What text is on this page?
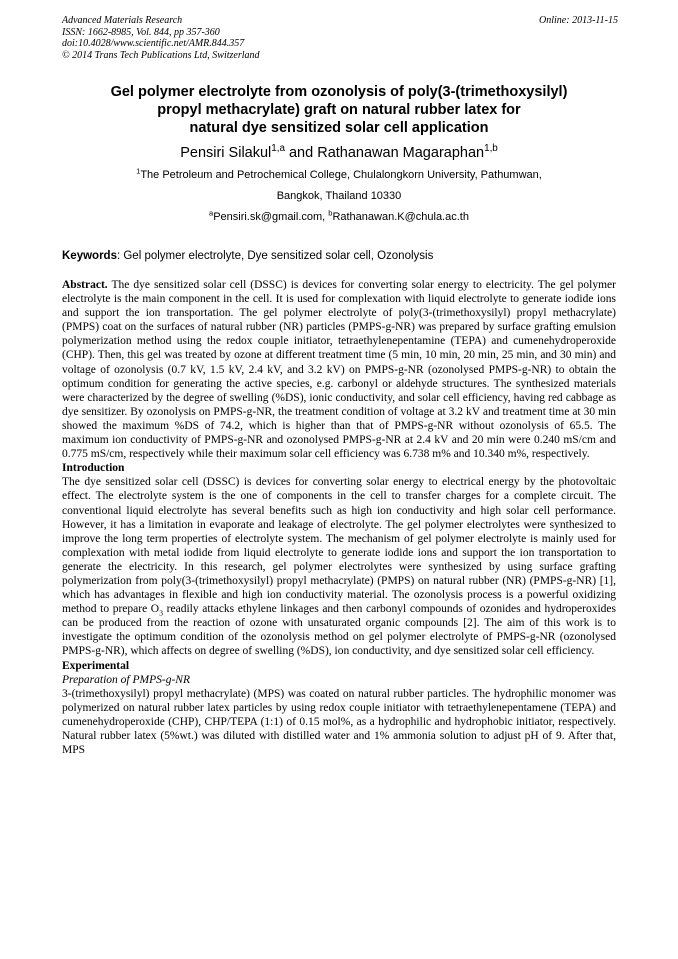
Advanced Materials Research
ISSN: 1662-8985, Vol. 844, pp 357-360
doi:10.4028/www.scientific.net/AMR.844.357
© 2014 Trans Tech Publications Ltd, Switzerland
Online: 2013-11-15
Gel polymer electrolyte from ozonolysis of poly(3-(trimethoxysilyl)
propyl methacrylate) graft on natural rubber latex for
natural dye sensitized solar cell application
Pensiri Silakul$^{1,a}$ and Rathanawan Magaraphan$^{1,b}$
$^1$The Petroleum and Petrochemical College, Chulalongkorn University, Pathumwan,
Bangkok, Thailand 10330
$^a$Pensiri.sk@gmail.com, $^b$Rathanawan.K@chula.ac.th
Keywords: Gel polymer electrolyte, Dye sensitized solar cell, Ozonolysis

Abstract. The dye sensitized solar cell (DSSC) is devices for converting solar energy to electricity. The gel polymer electrolyte is the main component in the cell. It is used for complexation with liquid electrolyte to generate iodide ions and support the ion transportation. The gel polymer electrolyte of poly(3-(trimethoxysilyl) propyl methacrylate) (PMPS) coat on the surfaces of natural rubber (NR) particles (PMPS-g-NR) was prepared by surface grafting emulsion polymerization method using the redox couple initiator, tetraethylenepentamine (TEPA) and cumenehydroperoxide (CHP). Then, this gel was treated by ozone at different treatment time (5 min, 10 min, 20 min, 25 min, and 30 min) and voltage of ozonolysis (0.7 kV, 1.5 kV, 2.4 kV, and 3.2 kV) on PMPS-g-NR (ozonolysed PMPS-g-NR) to obtain the optimum condition for generating the active species, e.g. carbonyl or aldehyde structures. The synthesized materials were characterized by the degree of swelling (%DS), ionic conductivity, and solar cell efficiency, having red cabbage as dye sensitizer. By ozonolysis on PMPS-g-NR, the treatment condition of voltage at 3.2 kV and treatment time at 30 min showed the maximum %DS of 74.2, which is higher than that of PMPS-g-NR without ozonolysis of 65.5. The maximum ion conductivity of PMPS-g-NR and ozonolysed PMPS-g-NR at 2.4 kV and 20 min were 0.240 mS/cm and 0.775 mS/cm, respectively while their maximum solar cell efficiency was 6.738 m% and 10.340 m%, respectively.

Introduction

The dye sensitized solar cell (DSSC) is devices for converting solar energy to electrical energy by the photovoltaic effect. The electrolyte system is the one of components in the cell to transfer charges for a complete circuit. The conventional liquid electrolyte has several benefits such as high ion conductivity and high solar cell performance. However, it has a limitation in evaporate and leakage of electrolyte. The gel polymer electrolytes were synthesized to improve the long term properties of electrolyte system. The mechanism of gel polymer electrolyte is mainly used for complexation with metal iodide from liquid electrolyte to generate iodide ions and support the ion transportation to generate the electricity. In this research, gel polymer electrolytes were synthesized by using surface grafting polymerization from poly(3-(trimethoxysilyl) propyl methacrylate) (PMPS) on natural rubber (NR) (PMPS-g-NR) [1], which has advantages in flexible and high ion conductivity material. The ozonolysis process is a powerful oxidizing method to prepare $O_3$ readily attacks ethylene linkages and then carbonyl compounds of ozonides and hydroperoxides can be produced from the reaction of ozone with unsaturated organic compounds [2]. The aim of this work is to investigate the optimum condition of the ozonolysis method on gel polymer electrolyte of PMPS-g-NR (ozonolysed PMPS-g-NR), which affects on degree of swelling (%DS), ion conductivity, and dye sensitized solar cell efficiency.

Experimental
Preparation of PMPS-g-NR

3-(trimethoxysilyl) propyl methacrylate) (MPS) was coated on natural rubber particles. The hydrophilic monomer was polymerized on natural rubber latex particles by using redox couple initiator with tetraethylenepentamene (TEPA) and cumenehydroperoxide (CHP), CHP/TEPA (1:1) of 0.15 mol%, as a hydrophilic and hydrophobic initiator, respectively. Natural rubber latex (5%wt.) was diluted with distilled water and 1% ammonia solution to adjust pH of 9. After that, MPS
